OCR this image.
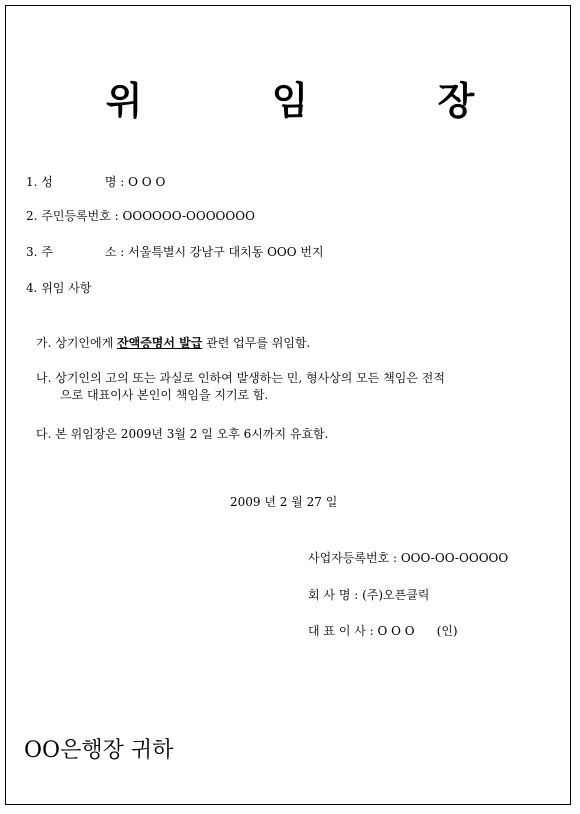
위 임 장
1. 성	명 : O O O
2. 주민등록번호 : OOOOOO-OOOOOOO
3. 주	소 : 서울특별시 강남구 대치동 OOO 번지
4. 위임 사항
가. 상기인에게 잔액증명서 발급 관련 업무를 위임함.
나. 상기인의 고의 또는 과실로 인하여 발생하는 민, 형사상의 모든 책임은 전적
으로 대표이사 본인이 책임을 지기로 함.
다. 본 위임장은 2009년 3월 2 일 오후 6시까지 유효함.
2009 년 2 월 27 일
사업자등록번호 : OOO-OO-OOOOO
회 사 명 : (주)오픈클릭
대 표 이 사 : O O O (인)
OO은행장 귀하
